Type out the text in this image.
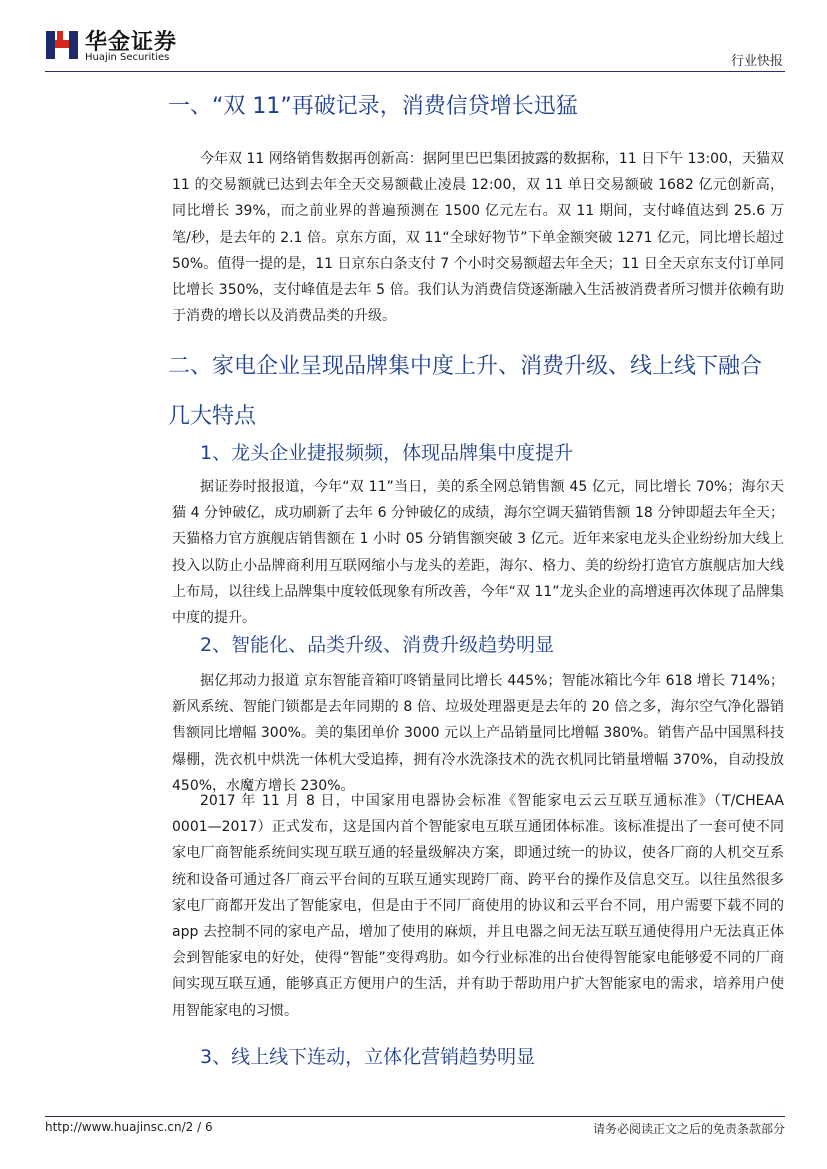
华金证券
Huajin Securities	行业快报
一、“双 11”再破记录，消费信贷增长迅猛

今年双 11 网络销售数据再创新高：据阿里巴巴集团披露的数据称，11 日下午 13:00，天猫双 11 的交易额就已达到去年全天交易额截止凌晨 12:00，双 11 单日交易额破 1682 亿元创新高，同比增长 39%，而之前业界的普遍预测在 1500 亿元左右。双 11 期间，支付峰值达到 25.6 万笔/秒，是去年的 2.1 倍。京东方面，双 11“全球好物节”下单金额突破 1271 亿元，同比增长超过 50%。值得一提的是，11 日京东白条支付 7 个小时交易额超去年全天；11 日全天京东支付订单同比增长 350%，支付峰值是去年 5 倍。我们认为消费信贷逐渐融入生活被消费者所习惯并依赖有助于消费的增长以及消费品类的升级。

二、家电企业呈现品牌集中度上升、消费升级、线上线下融合
几大特点
1、龙头企业捷报频频，体现品牌集中度提升

据证券时报报道，今年“双 11”当日，美的系全网总销售额 45 亿元，同比增长 70%；海尔天猫 4 分钟破亿，成功刷新了去年 6 分钟破亿的成绩，海尔空调天猫销售额 18 分钟即超去年全天；天猫格力官方旗舰店销售额在 1 小时 05 分销售额突破 3 亿元。近年来家电龙头企业纷纷加大线上投入以防止小品牌商利用互联网缩小与龙头的差距，海尔、格力、美的纷纷打造官方旗舰店加大线上布局，以往线上品牌集中度较低现象有所改善，今年“双 11”龙头企业的高增速再次体现了品牌集中度的提升。

2、智能化、品类升级、消费升级趋势明显

据亿邦动力报道 京东智能音箱叮咚销量同比增长 445%；智能冰箱比今年 618 增长 714%；新风系统、智能门锁都是去年同期的 8 倍、垃圾处理器更是去年的 20 倍之多，海尔空气净化器销售额同比增幅 300%。美的集团单价 3000 元以上产品销量同比增幅 380%。销售产品中国黑科技爆棚，洗衣机中烘洗一体机大受追捧，拥有冷水洗涤技术的洗衣机同比销量增幅 370%，自动投放 450%，水魔方增长 230%。

2017 年 11 月 8 日，中国家用电器协会标准《智能家电云云互联互通标准》（T/CHEAA 0001—2017）正式发布，这是国内首个智能家电互联互通团体标准。该标准提出了一套可使不同家电厂商智能系统间实现互联互通的轻量级解决方案，即通过统一的协议，使各厂商的人机交互系统和设备可通过各厂商云平台间的互联互通实现跨厂商、跨平台的操作及信息交互。以往虽然很多家电厂商都开发出了智能家电，但是由于不同厂商使用的协议和云平台不同，用户需要下载不同的 app 去控制不同的家电产品，增加了使用的麻烦，并且电器之间无法互联互通使得用户无法真正体会到智能家电的好处，使得“智能”变得鸡肋。如今行业标准的出台使得智能家电能够爱不同的厂商间实现互联互通，能够真正方便用户的生活，并有助于帮助用户扩大智能家电的需求，培养用户使用智能家电的习惯。

3、线上线下连动，立体化营销趋势明显
http://www.huajinsc.cn/2 / 6	请务必阅读正文之后的免责条款部分
